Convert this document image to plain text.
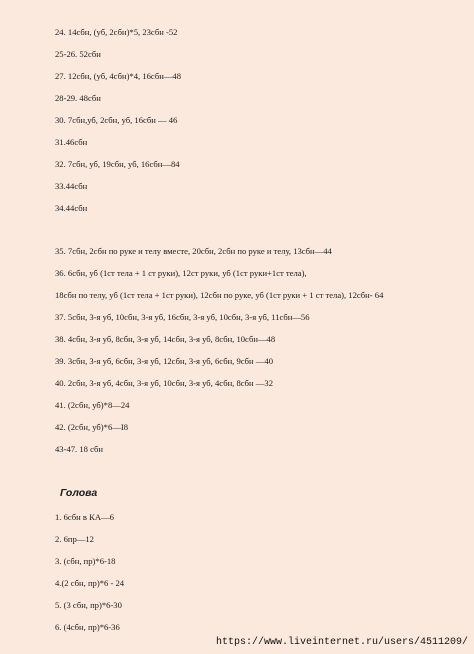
24. 14сбн, (уб, 2сбн)*5, 23сбн -52
25-26. 52сбн
27. 12сбн, (уб, 4сбн)*4, 16сбн—48
28-29. 48сбн
30. 7сбн,уб, 2сбн, уб, 16сбн — 46
31.46сбн
32. 7сбн, уб, 19сбн, уб, 16сбн—84
33.44сбн
34.44сбн
35. 7сбн, 2сбн по руке и телу вместе, 20сбн, 2сбн по руке и телу, 13сбн—44
36. 6сбн, уб (1ст тела + 1 ст руки), 12ст руки, уб (1ст руки+1ст тела),
18сбн по телу, уб (1ст тела + 1ст руки), 12сбн по руке, уб (1ст руки + 1 ст тела), 12сбн- 64
37. 5сбн, 3-я уб, 10сбн, 3-я уб, 16сбн, 3-я уб, 10сбн, 3-я уб, 11сбн—56
38. 4сбн, 3-я уб, 8сбн, 3-я уб, 14сбн, 3-я уб, 8сбн, 10сбн—48
39. 3сбн, 3-я уб, 6сбн, 3-я уб, 12сбн, 3-я уб, 6сбн, 9сбн —40
40. 2сбн, 3-я уб, 4сбн, 3-я уб, 10сбн, 3-я уб, 4сбн, 8сбн —32
41. (2сбн, уб)*8—24
42. (2сбн, уб)*6—I8
43-47. 18 сбн
Голова
1. 6сбн в КА—6
2. 6пр—12
3. (сбн, пр)*6-18
4.(2 сбн, пр)*6 - 24
5. (3 сбн, пр)*6-30
6. (4сбн, пр)*6-36
https://www.liveinternet.ru/users/4511209/
